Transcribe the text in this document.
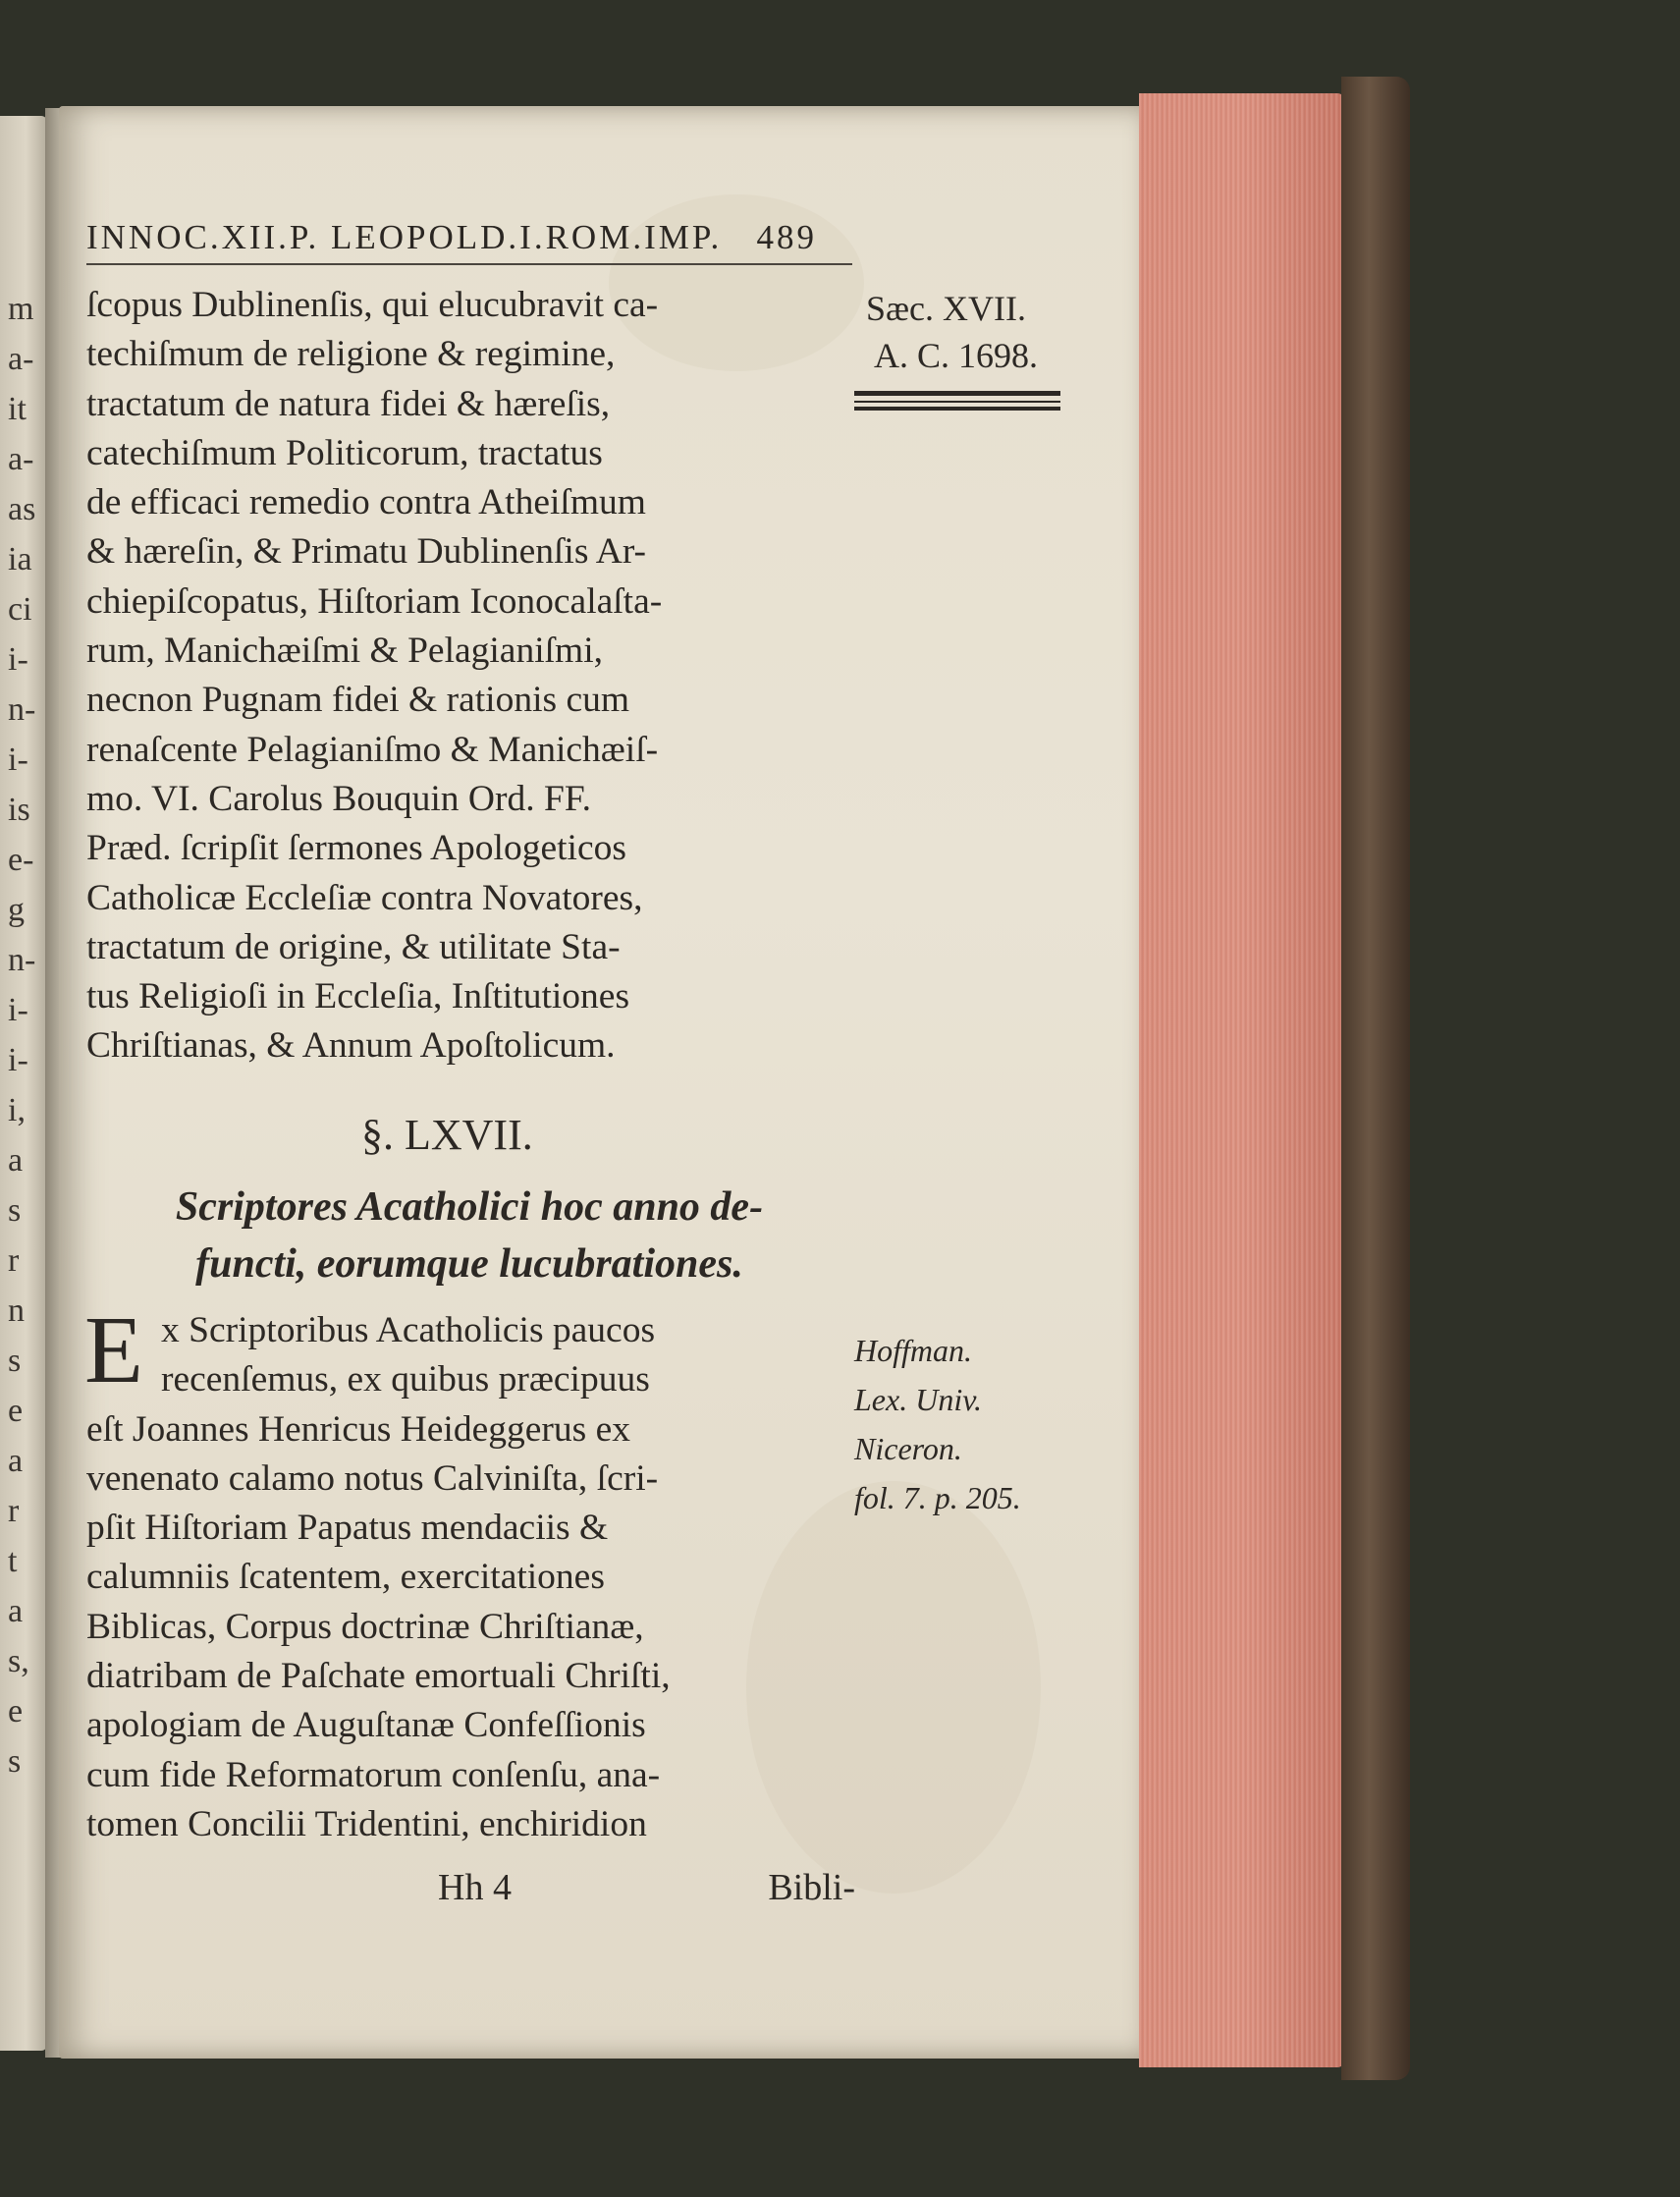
m
a-
it
a-
as
ia
ci
i-
n-
i-
is
e-
g
n-
i-
i-
i,
a
s
r
n
s
e
a
r
t
a
s,
e
s
INNOC.XII.P. LEOPOLD.I.ROM.IMP. 489
Sæc. XVII.
A. C. 1698.
ſcopus Dublinenſis, qui elucubravit ca-
techiſmum de religione & regimine,
tractatum de natura fidei & hæreſis,
catechiſmum Politicorum, tractatus
de efficaci remedio contra Atheiſmum
& hæreſin, & Primatu Dublinenſis Ar-
chiepiſcopatus, Hiſtoriam Iconocalaſta-
rum, Manichæiſmi & Pelagianiſmi,
necnon Pugnam fidei & rationis cum
renaſcente Pelagianiſmo & Manichæiſ-
mo. VI. Carolus Bouquin Ord. FF.
Præd. ſcripſit ſermones Apologeticos
Catholicæ Eccleſiæ contra Novatores,
tractatum de origine, & utilitate Sta-
tus Religioſi in Eccleſia, Inſtitutiones
Chriſtianas, & Annum Apoſtolicum.
§. LXVII.
Scriptores Acatholici hoc anno de-
functi, eorumque lucubrationes.
E x Scriptoribus Acatholicis paucos
recenſemus, ex quibus præcipuus
eſt Joannes Henricus Heideggerus ex
venenato calamo notus Calviniſta, ſcri-
pſit Hiſtoriam Papatus mendaciis &
calumniis ſcatentem, exercitationes
Biblicas, Corpus doctrinæ Chriſtianæ,
diatribam de Paſchate emortuali Chriſti,
apologiam de Auguſtanæ Confeſſionis
cum fide Reformatorum conſenſu, ana-
tomen Concilii Tridentini, enchiridion
Hoffman.
Lex. Univ.
Niceron.
fol. 7. p. 205.
Hh 4	Bibli-
